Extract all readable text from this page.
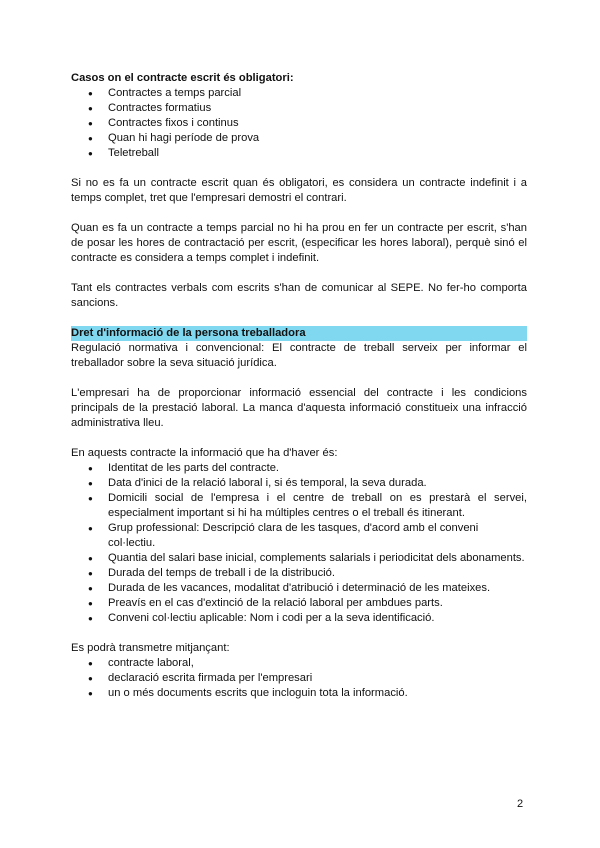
Casos on el contracte escrit és obligatori:

● Contractes a temps parcial
● Contractes formatius
● Contractes fixos i continus
● Quan hi hagi període de prova
● Teletreball

Si no es fa un contracte escrit quan és obligatori, es considera un contracte indefinit i a temps complet, tret que l'empresari demostri el contrari.

Quan es fa un contracte a temps parcial no hi ha prou en fer un contracte per escrit, s'han de posar les hores de contractació per escrit, (especificar les hores laboral), perquè sinó el contracte es considera a temps complet i indefinit.

Tant els contractes verbals com escrits s'han de comunicar al SEPE. No fer-ho comporta sancions.

Dret d'informació de la persona treballadora

Regulació normativa i convencional: El contracte de treball serveix per informar el treballador sobre la seva situació jurídica.

L'empresari ha de proporcionar informació essencial del contracte i les condicions principals de la prestació laboral. La manca d'aquesta informació constitueix una infracció administrativa lleu.

En aquests contracte la informació que ha d'haver és:

● Identitat de les parts del contracte.
● Data d'inici de la relació laboral i, si és temporal, la seva durada.
● Domicili social de l'empresa i el centre de treball on es prestarà el servei, especialment important si hi ha múltiples centres o el treball és itinerant.
● Grup professional: Descripció clara de les tasques, d'acord amb el conveni col·lectiu.
● Quantia del salari base inicial, complements salarials i periodicitat dels abonaments.
● Durada del temps de treball i de la distribució.
● Durada de les vacances, modalitat d'atribució i determinació de les mateixes.
● Preavís en el cas d'extinció de la relació laboral per ambdues parts.
● Conveni col·lectiu aplicable: Nom i codi per a la seva identificació.

Es podrà transmetre mitjançant:

● contracte laboral,
● declaració escrita firmada per l'empresari
● un o més documents escrits que incloguin tota la informació.
2
